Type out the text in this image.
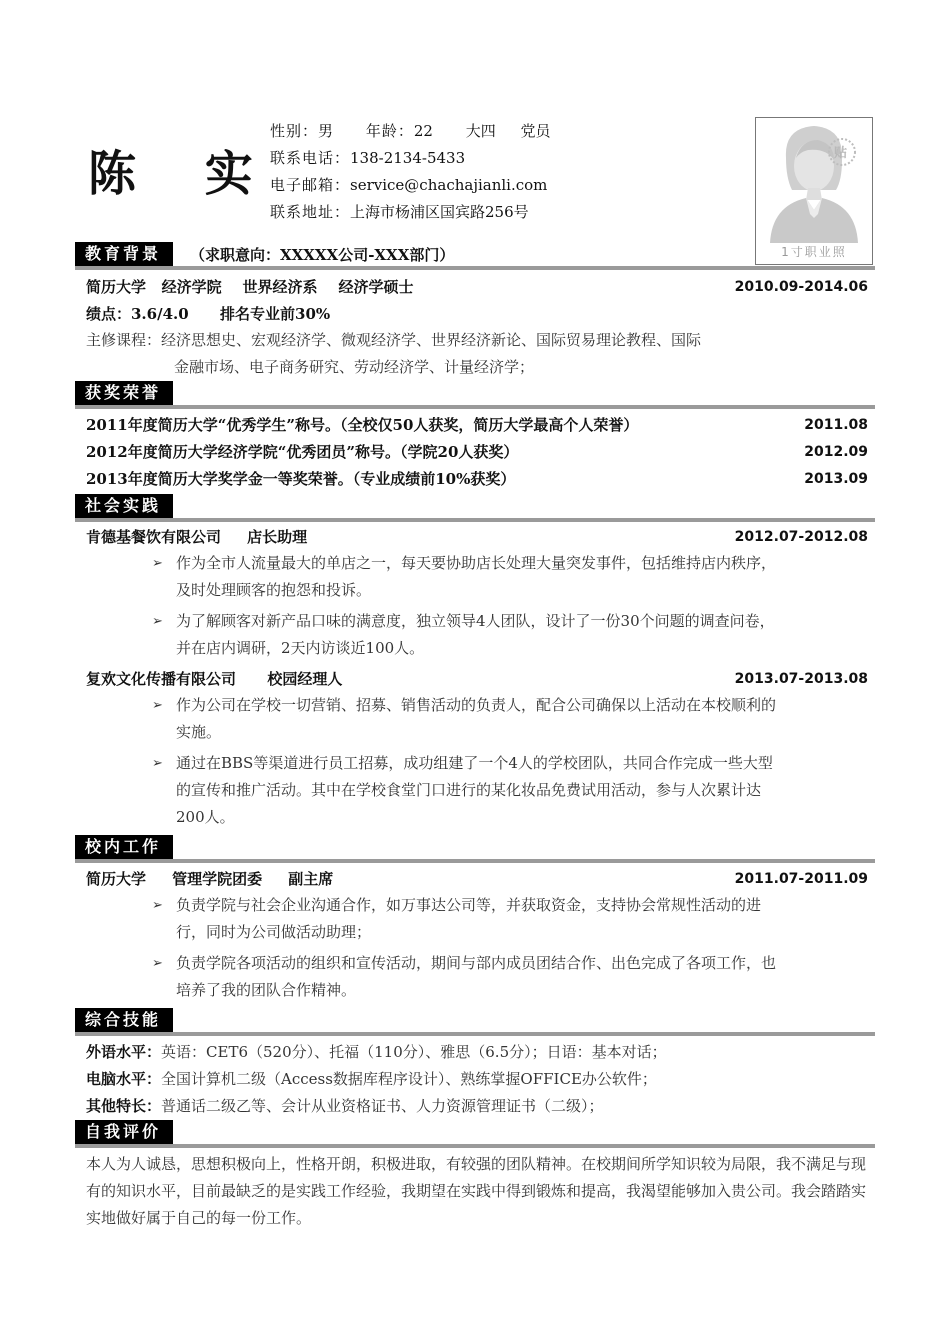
陈 实
性别：男 年龄：22 大四 党员
联系电话：138-2134-5433
电子邮箱：service@chachajianli.com
联系地址：上海市杨浦区国宾路256号
贴
1寸职业照
教育背景	（求职意向：XXXXX公司-XXX部门）
简历大学   经济学院    世界经济系    经济学硕士	2010.09-2014.06
绩点：3.6/4.0      排名专业前30%
主修课程：经济思想史、宏观经济学、微观经济学、世界经济新论、国际贸易理论教程、国际
金融市场、电子商务研究、劳动经济学、计量经济学；
获奖荣誉
2011年度简历大学“优秀学生”称号。（全校仅50人获奖，简历大学最高个人荣誉）	2011.08
2012年度简历大学经济学院“优秀团员”称号。（学院20人获奖）	2012.09
2013年度简历大学奖学金一等奖荣誉。（专业成绩前10%获奖）	2013.09
社会实践
肯德基餐饮有限公司     店长助理	2012.07-2012.08
➢ 作为全市人流量最大的单店之一，每天要协助店长处理大量突发事件，包括维持店内秩序，及时处理顾客的抱怨和投诉。
➢ 为了解顾客对新产品口味的满意度，独立领导4人团队，设计了一份30个问题的调查问卷，并在店内调研，2天内访谈近100人。
复欢文化传播有限公司      校园经理人	2013.07-2013.08
➢ 作为公司在学校一切营销、招募、销售活动的负责人，配合公司确保以上活动在本校顺利的实施。
➢ 通过在BBS等渠道进行员工招募，成功组建了一个4人的学校团队，共同合作完成一些大型的宣传和推广活动。其中在学校食堂门口进行的某化妆品免费试用活动，参与人次累计达200人。
校内工作
简历大学     管理学院团委     副主席	2011.07-2011.09
➢ 负责学院与社会企业沟通合作，如万事达公司等，并获取资金，支持协会常规性活动的进行，同时为公司做活动助理；
➢ 负责学院各项活动的组织和宣传活动，期间与部内成员团结合作、出色完成了各项工作，也培养了我的团队合作精神。
综合技能
外语水平：英语：CET6（520分）、托福（110分）、雅思（6.5分）；日语：基本对话；
电脑水平：全国计算机二级（Access数据库程序设计）、熟练掌握OFFICE办公软件；
其他特长：普通话二级乙等、会计从业资格证书、人力资源管理证书（二级）；
自我评价
本人为人诚恳，思想积极向上，性格开朗，积极进取，有较强的团队精神。在校期间所学知识较为局限，我不满足与现有的知识水平，目前最缺乏的是实践工作经验，我期望在实践中得到锻炼和提高，我渴望能够加入贵公司。我会踏踏实实地做好属于自己的每一份工作。
